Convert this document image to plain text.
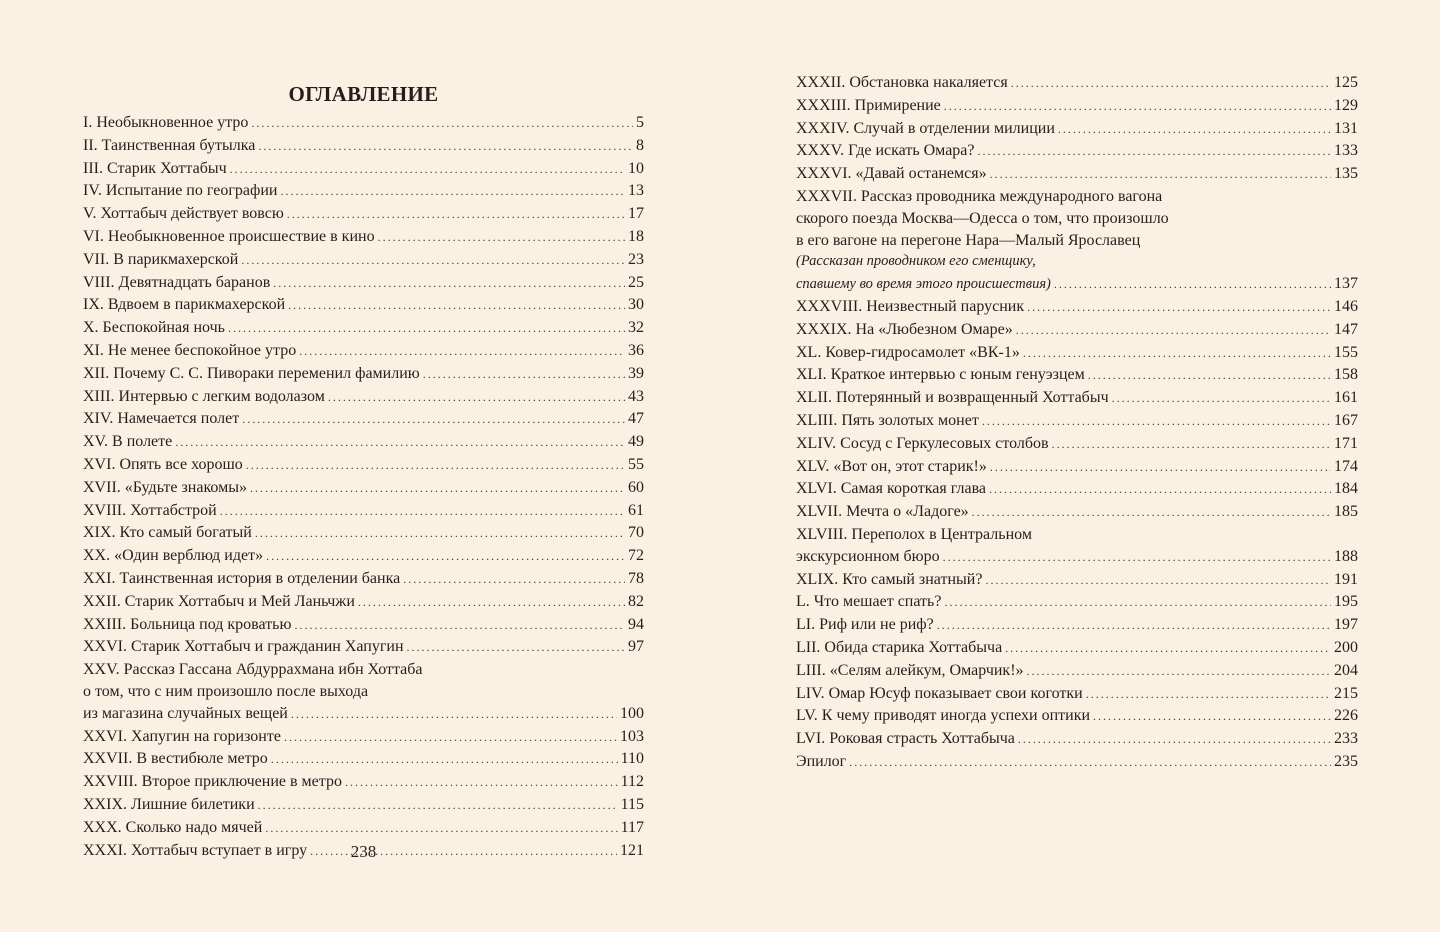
ОГЛАВЛЕНИЕ
I. Необыкновенное утро .....	5
II. Таинственная бутылка .....	8
III. Старик Хоттабыч .....	10
IV. Испытание по географии .....	13
V. Хоттабыч действует вовсю .....	17
VI. Необыкновенное происшествие в кино .....	18
VII. В парикмахерской .....	23
VIII. Девятнадцать баранов .....	25
IX. Вдвоем в парикмахерской .....	30
X. Беспокойная ночь .....	32
XI. Не менее беспокойное утро .....	36
XII. Почему С. С. Пивораки переменил фамилию .....	39
XIII. Интервью с легким водолазом .....	43
XIV. Намечается полет .....	47
XV. В полете .....	49
XVI. Опять все хорошо .....	55
XVII. «Будьте знакомы» .....	60
XVIII. Хоттабстрой .....	61
XIX. Кто самый богатый .....	70
XX. «Один верблюд идет» .....	72
XXI. Таинственная история в отделении банка .....	78
XXII. Старик Хоттабыч и Мей Ланьчжи .....	82
XXIII. Больница под кроватью .....	94
XXVI. Старик Хоттабыч и гражданин Хапугин .....	97
XXV. Рассказ Гассана Абдуррахмана ибн Хоттаба
о том, что с ним произошло после выхода
из магазина случайных вещей .....	100
XXVI. Хапугин на горизонте .....	103
XXVII. В вестибюле метро .....	110
XXVIII. Второе приключение в метро .....	112
XXIX. Лишние билетики .....	115
XXX. Сколько надо мячей .....	117
XXXI. Хоттабыч вступает в игру .....	121
XXXII. Обстановка накаляется .....	125
XXXIII. Примирение .....	129
XXXIV. Случай в отделении милиции .....	131
XXXV. Где искать Омара? .....	133
XXXVI. «Давай останемся» .....	135
XXXVII. Рассказ проводника международного вагона
скорого поезда Москва—Одесса о том, что произошло
в его вагоне на перегоне Нара—Малый Ярославец
(Рассказан проводником его сменщику,
спавшему во время этого происшествия) .....	137
XXXVIII. Неизвестный парусник .....	146
XXXIX. На «Любезном Омаре» .....	147
XL. Ковер-гидросамолет «ВК-1» .....	155
XLI. Краткое интервью с юным генуэзцем .....	158
XLII. Потерянный и возвращенный Хоттабыч .....	161
XLIII. Пять золотых монет .....	167
XLIV. Сосуд с Геркулесовых столбов .....	171
XLV. «Вот он, этот старик!» .....	174
XLVI. Самая короткая глава .....	184
XLVII. Мечта о «Ладоге» .....	185
XLVIII. Переполох в Центральном
экскурсионном бюро .....	188
XLIX. Кто самый знатный? .....	191
L. Что мешает спать? .....	195
LI. Риф или не риф? .....	197
LII. Обида старика Хоттабыча .....	200
LIII. «Селям алейкум, Омарчик!» .....	204
LIV. Омар Юсуф показывает свои коготки .....	215
LV. К чему приводят иногда успехи оптики .....	226
LVI. Роковая страсть Хоттабыча .....	233
Эпилог .....	235
238
